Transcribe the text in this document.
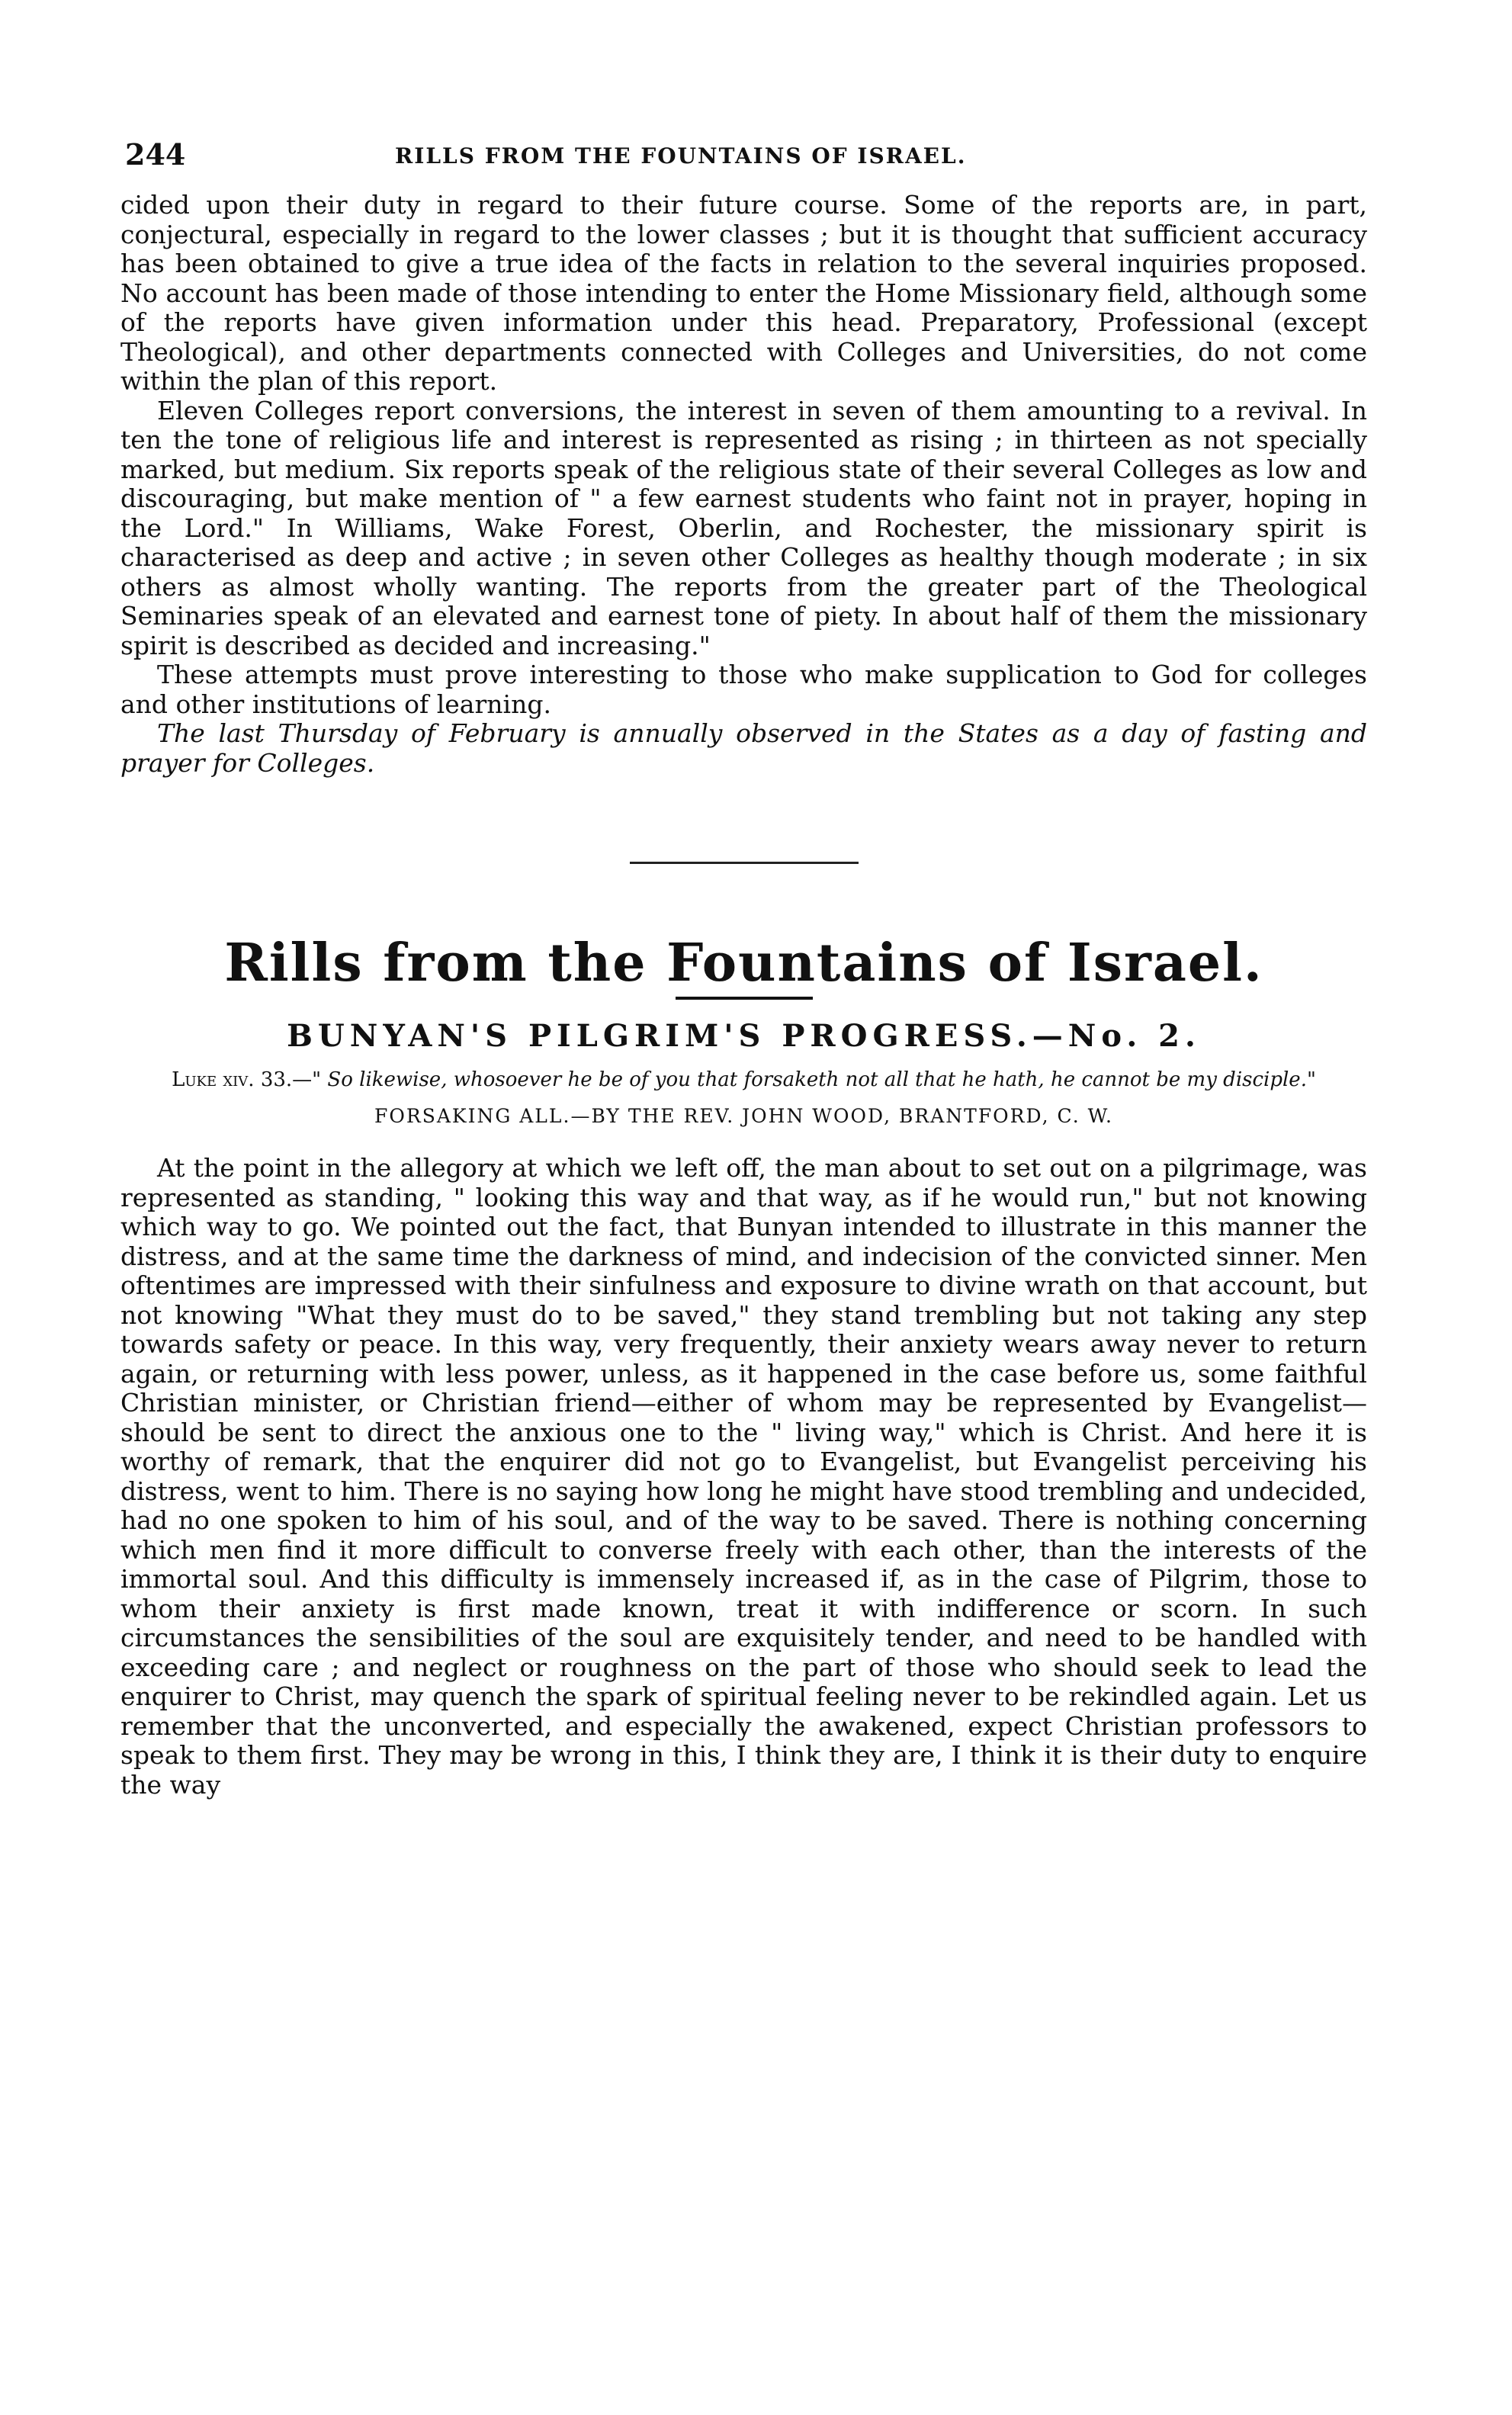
244	RILLS FROM THE FOUNTAINS OF ISRAEL.

cided upon their duty in regard to their future course. Some of the reports are, in part, conjectural, especially in regard to the lower classes ; but it is thought that sufficient accuracy has been obtained to give a true idea of the facts in relation to the several inquiries proposed. No account has been made of those intending to enter the Home Missionary field, although some of the reports have given information under this head. Preparatory, Professional (except Theological), and other departments connected with Colleges and Universities, do not come within the plan of this report.

Eleven Colleges report conversions, the interest in seven of them amounting to a revival. In ten the tone of religious life and interest is represented as rising ; in thirteen as not specially marked, but medium. Six reports speak of the religious state of their several Colleges as low and discouraging, but make mention of " a few earnest students who faint not in prayer, hoping in the Lord." In Williams, Wake Forest, Oberlin, and Rochester, the missionary spirit is characterised as deep and active ; in seven other Colleges as healthy though moderate ; in six others as almost wholly wanting. The reports from the greater part of the Theological Seminaries speak of an elevated and earnest tone of piety. In about half of them the missionary spirit is described as decided and increasing."

These attempts must prove interesting to those who make supplication to God for colleges and other institutions of learning.

The last Thursday of February is annually observed in the States as a day of fasting and prayer for Colleges.

Rills from the Fountains of Israel.
BUNYAN'S PILGRIM'S PROGRESS.—No. 2.
Luke xiv. 33.—" So likewise, whosoever he be of you that forsaketh not all that he hath, he cannot be my disciple."
FORSAKING ALL.—BY THE REV. JOHN WOOD, BRANTFORD, C. W.

At the point in the allegory at which we left off, the man about to set out on a pilgrimage, was represented as standing, " looking this way and that way, as if he would run," but not knowing which way to go. We pointed out the fact, that Bunyan intended to illustrate in this manner the distress, and at the same time the darkness of mind, and indecision of the convicted sinner. Men oftentimes are impressed with their sinfulness and exposure to divine wrath on that account, but not knowing "What they must do to be saved," they stand trembling but not taking any step towards safety or peace. In this way, very frequently, their anxiety wears away never to return again, or returning with less power, unless, as it happened in the case before us, some faithful Christian minister, or Christian friend—either of whom may be represented by Evangelist—should be sent to direct the anxious one to the " living way," which is Christ. And here it is worthy of remark, that the enquirer did not go to Evangelist, but Evangelist perceiving his distress, went to him. There is no saying how long he might have stood trembling and undecided, had no one spoken to him of his soul, and of the way to be saved. There is nothing concerning which men find it more difficult to converse freely with each other, than the interests of the immortal soul. And this difficulty is immensely increased if, as in the case of Pilgrim, those to whom their anxiety is first made known, treat it with indifference or scorn. In such circumstances the sensibilities of the soul are exquisitely tender, and need to be handled with exceeding care ; and neglect or roughness on the part of those who should seek to lead the enquirer to Christ, may quench the spark of spiritual feeling never to be rekindled again. Let us remember that the unconverted, and especially the awakened, expect Christian professors to speak to them first. They may be wrong in this, I think they are, I think it is their duty to enquire the way
